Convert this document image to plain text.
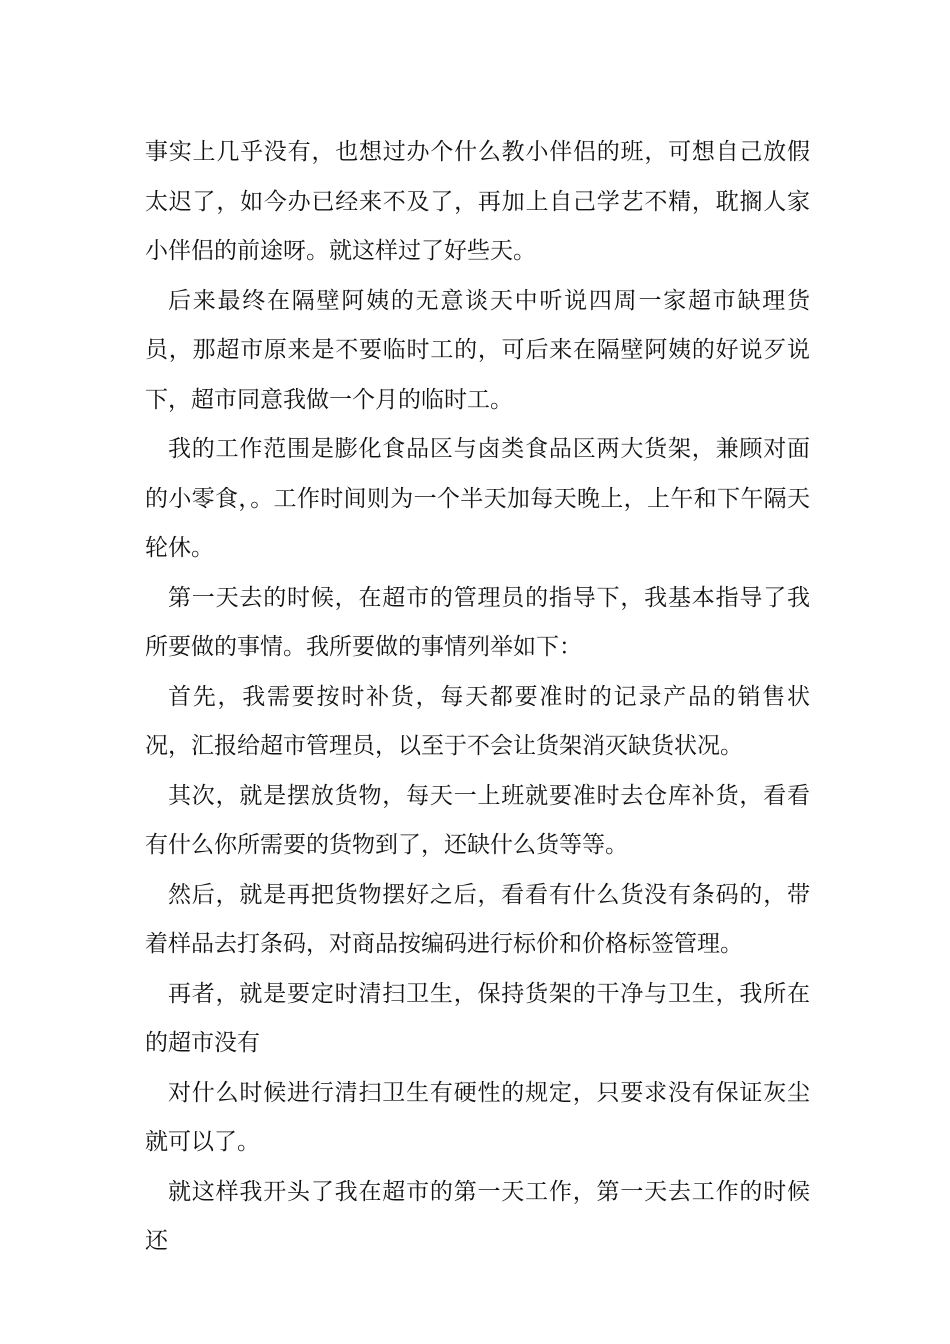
事实上几乎没有，也想过办个什么教小伴侣的班，可想自己放假太迟了，如今办已经来不及了，再加上自己学艺不精，耽搁人家小伴侣的前途呀。就这样过了好些天。

后来最终在隔壁阿姨的无意谈天中听说四周一家超市缺理货员，那超市原来是不要临时工的，可后来在隔壁阿姨的好说歹说下，超市同意我做一个月的临时工。

我的工作范围是膨化食品区与卤类食品区两大货架，兼顾对面的小零食，。工作时间则为一个半天加每天晚上，上午和下午隔天轮休。

第一天去的时候，在超市的管理员的指导下，我基本指导了我所要做的事情。我所要做的事情列举如下：

首先，我需要按时补货，每天都要准时的记录产品的销售状况，汇报给超市管理员，以至于不会让货架消灭缺货状况。

其次，就是摆放货物，每天一上班就要准时去仓库补货，看看有什么你所需要的货物到了，还缺什么货等等。

然后，就是再把货物摆好之后，看看有什么货没有条码的，带着样品去打条码，对商品按编码进行标价和价格标签管理。

再者，就是要定时清扫卫生，保持货架的干净与卫生，我所在的超市没有

对什么时候进行清扫卫生有硬性的规定，只要求没有保证灰尘就可以了。

就这样我开头了我在超市的第一天工作，第一天去工作的时候还
